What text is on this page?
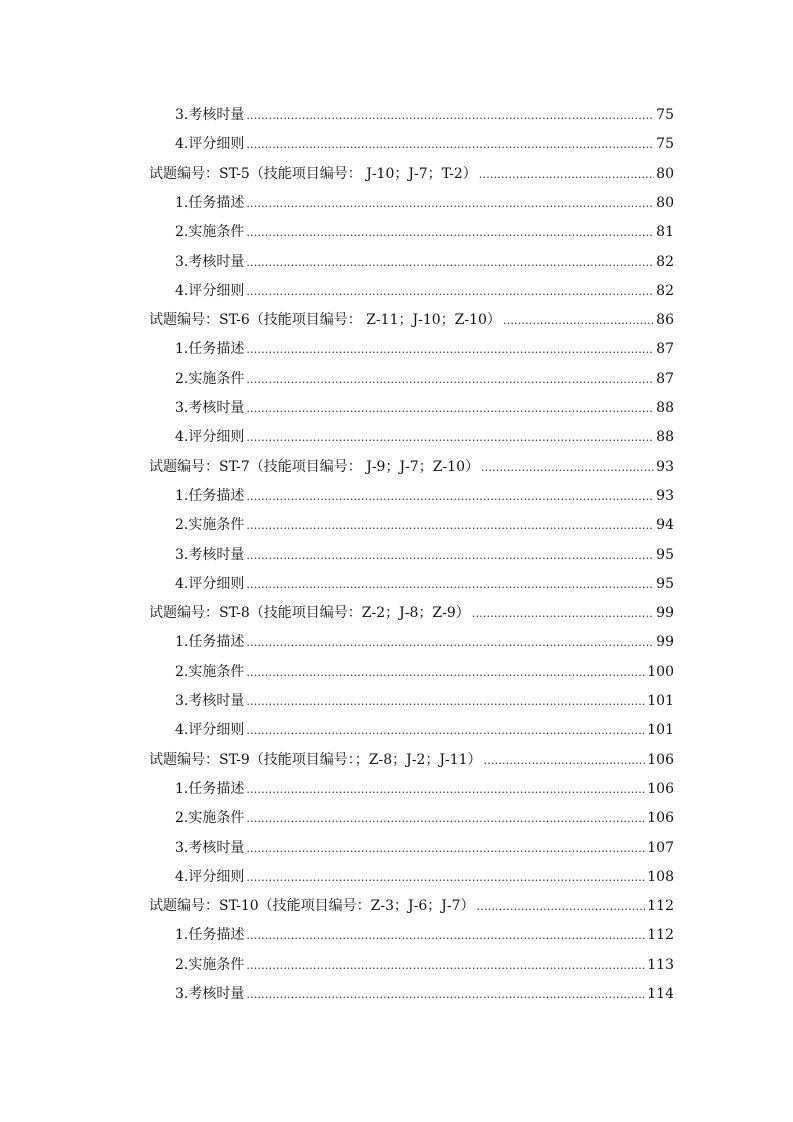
3.考核时量 .....	75
4.评分细则 .....	75
试题编号：ST-5（技能项目编号： J-10；J-7；T-2） .....	80
1.任务描述 .....	80
2.实施条件 .....	81
3.考核时量 .....	82
4.评分细则 .....	82
试题编号：ST-6（技能项目编号： Z-11；J-10；Z-10） .....	86
1.任务描述 .....	87
2.实施条件 .....	87
3.考核时量 .....	88
4.评分细则 .....	88
试题编号：ST-7（技能项目编号： J-9；J-7；Z-10） .....	93
1.任务描述 .....	93
2.实施条件 .....	94
3.考核时量 .....	95
4.评分细则 .....	95
试题编号：ST-8（技能项目编号：Z-2；J-8；Z-9） .....	99
1.任务描述 .....	99
2.实施条件 .....	100
3.考核时量 .....	101
4.评分细则 .....	101
试题编号：ST-9（技能项目编号：；Z-8；J-2；J-11） .....	106
1.任务描述 .....	106
2.实施条件 .....	106
3.考核时量 .....	107
4.评分细则 .....	108
试题编号：ST-10（技能项目编号：Z-3；J-6；J-7） .....	112
1.任务描述 .....	112
2.实施条件 .....	113
3.考核时量 .....	114
